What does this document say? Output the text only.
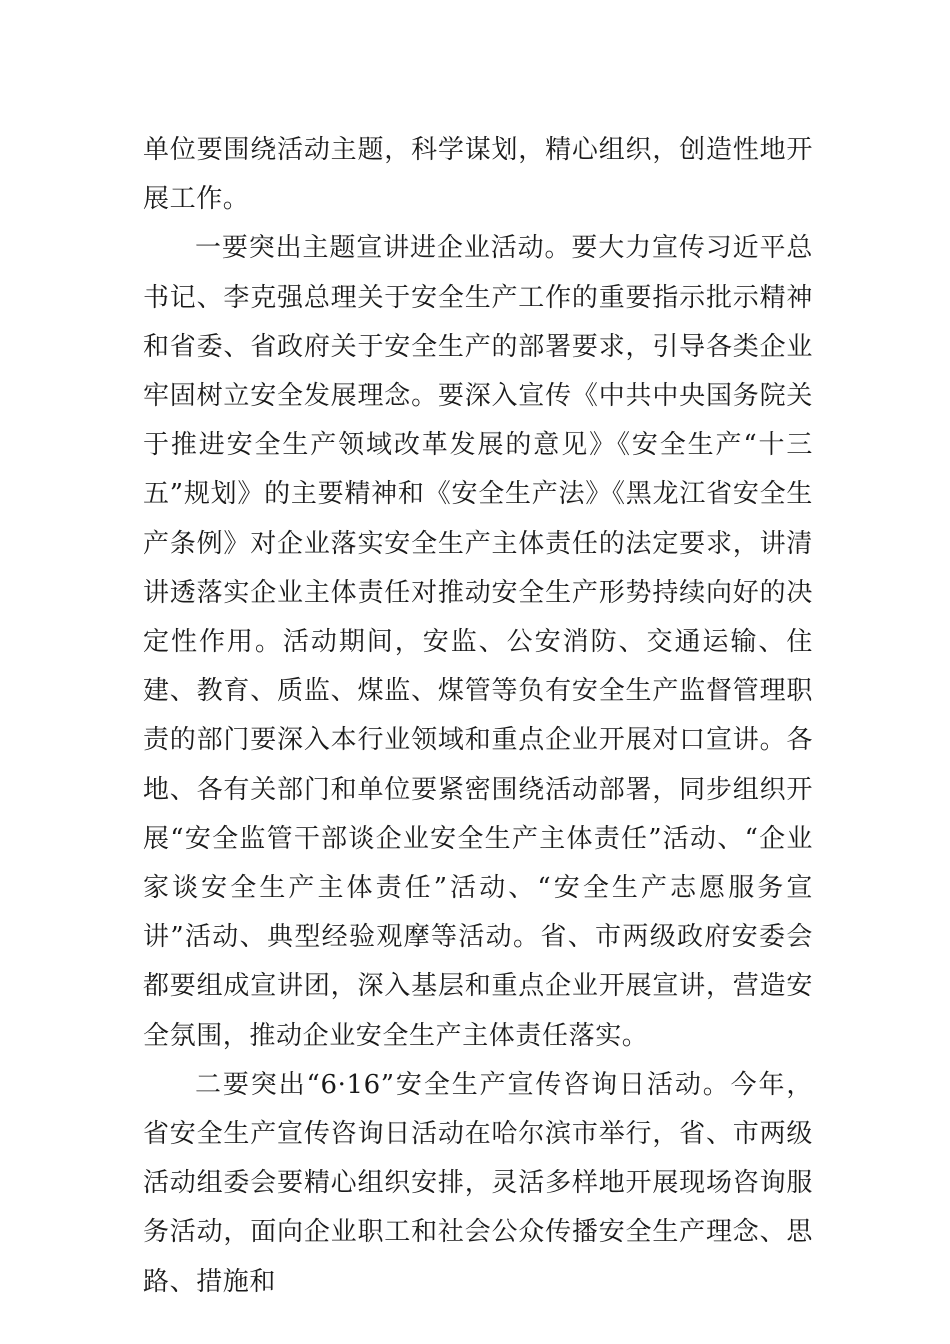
单位要围绕活动主题，科学谋划，精心组织，创造性地开展工作。

一要突出主题宣讲进企业活动。要大力宣传习近平总书记、李克强总理关于安全生产工作的重要指示批示精神和省委、省政府关于安全生产的部署要求，引导各类企业牢固树立安全发展理念。要深入宣传《中共中央国务院关于推进安全生产领域改革发展的意见》《安全生产“十三五”规划》的主要精神和《安全生产法》《黑龙江省安全生产条例》对企业落实安全生产主体责任的法定要求，讲清讲透落实企业主体责任对推动安全生产形势持续向好的决定性作用。活动期间，安监、公安消防、交通运输、住建、教育、质监、煤监、煤管等负有安全生产监督管理职责的部门要深入本行业领域和重点企业开展对口宣讲。各地、各有关部门和单位要紧密围绕活动部署，同步组织开展“安全监管干部谈企业安全生产主体责任”活动、“企业家谈安全生产主体责任”活动、“安全生产志愿服务宣讲”活动、典型经验观摩等活动。省、市两级政府安委会都要组成宣讲团，深入基层和重点企业开展宣讲，营造安全氛围，推动企业安全生产主体责任落实。

二要突出“6·16”安全生产宣传咨询日活动。今年，省安全生产宣传咨询日活动在哈尔滨市举行，省、市两级活动组委会要精心组织安排，灵活多样地开展现场咨询服务活动，面向企业职工和社会公众传播安全生产理念、思路、措施和
